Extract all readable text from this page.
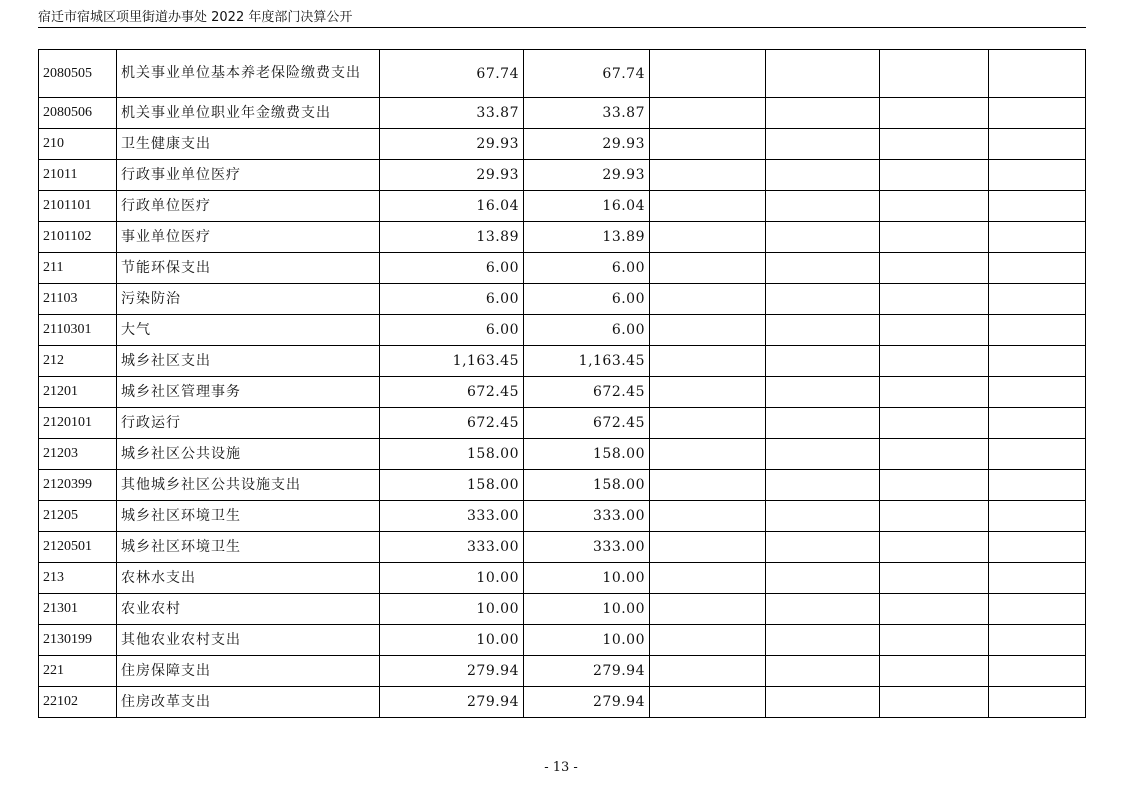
宿迁市宿城区项里街道办事处 2022 年度部门决算公开
2080505	机关事业单位基本养老保险缴费支出	67.74	67.74				
2080506	机关事业单位职业年金缴费支出	33.87	33.87				
210	卫生健康支出	29.93	29.93				
21011	行政事业单位医疗	29.93	29.93				
2101101	行政单位医疗	16.04	16.04				
2101102	事业单位医疗	13.89	13.89				
211	节能环保支出	6.00	6.00				
21103	污染防治	6.00	6.00				
2110301	大气	6.00	6.00				
212	城乡社区支出	1,163.45	1,163.45				
21201	城乡社区管理事务	672.45	672.45				
2120101	行政运行	672.45	672.45				
21203	城乡社区公共设施	158.00	158.00				
2120399	其他城乡社区公共设施支出	158.00	158.00				
21205	城乡社区环境卫生	333.00	333.00				
2120501	城乡社区环境卫生	333.00	333.00				
213	农林水支出	10.00	10.00				
21301	农业农村	10.00	10.00				
2130199	其他农业农村支出	10.00	10.00				
221	住房保障支出	279.94	279.94				
22102	住房改革支出	279.94	279.94				
- 13 -
